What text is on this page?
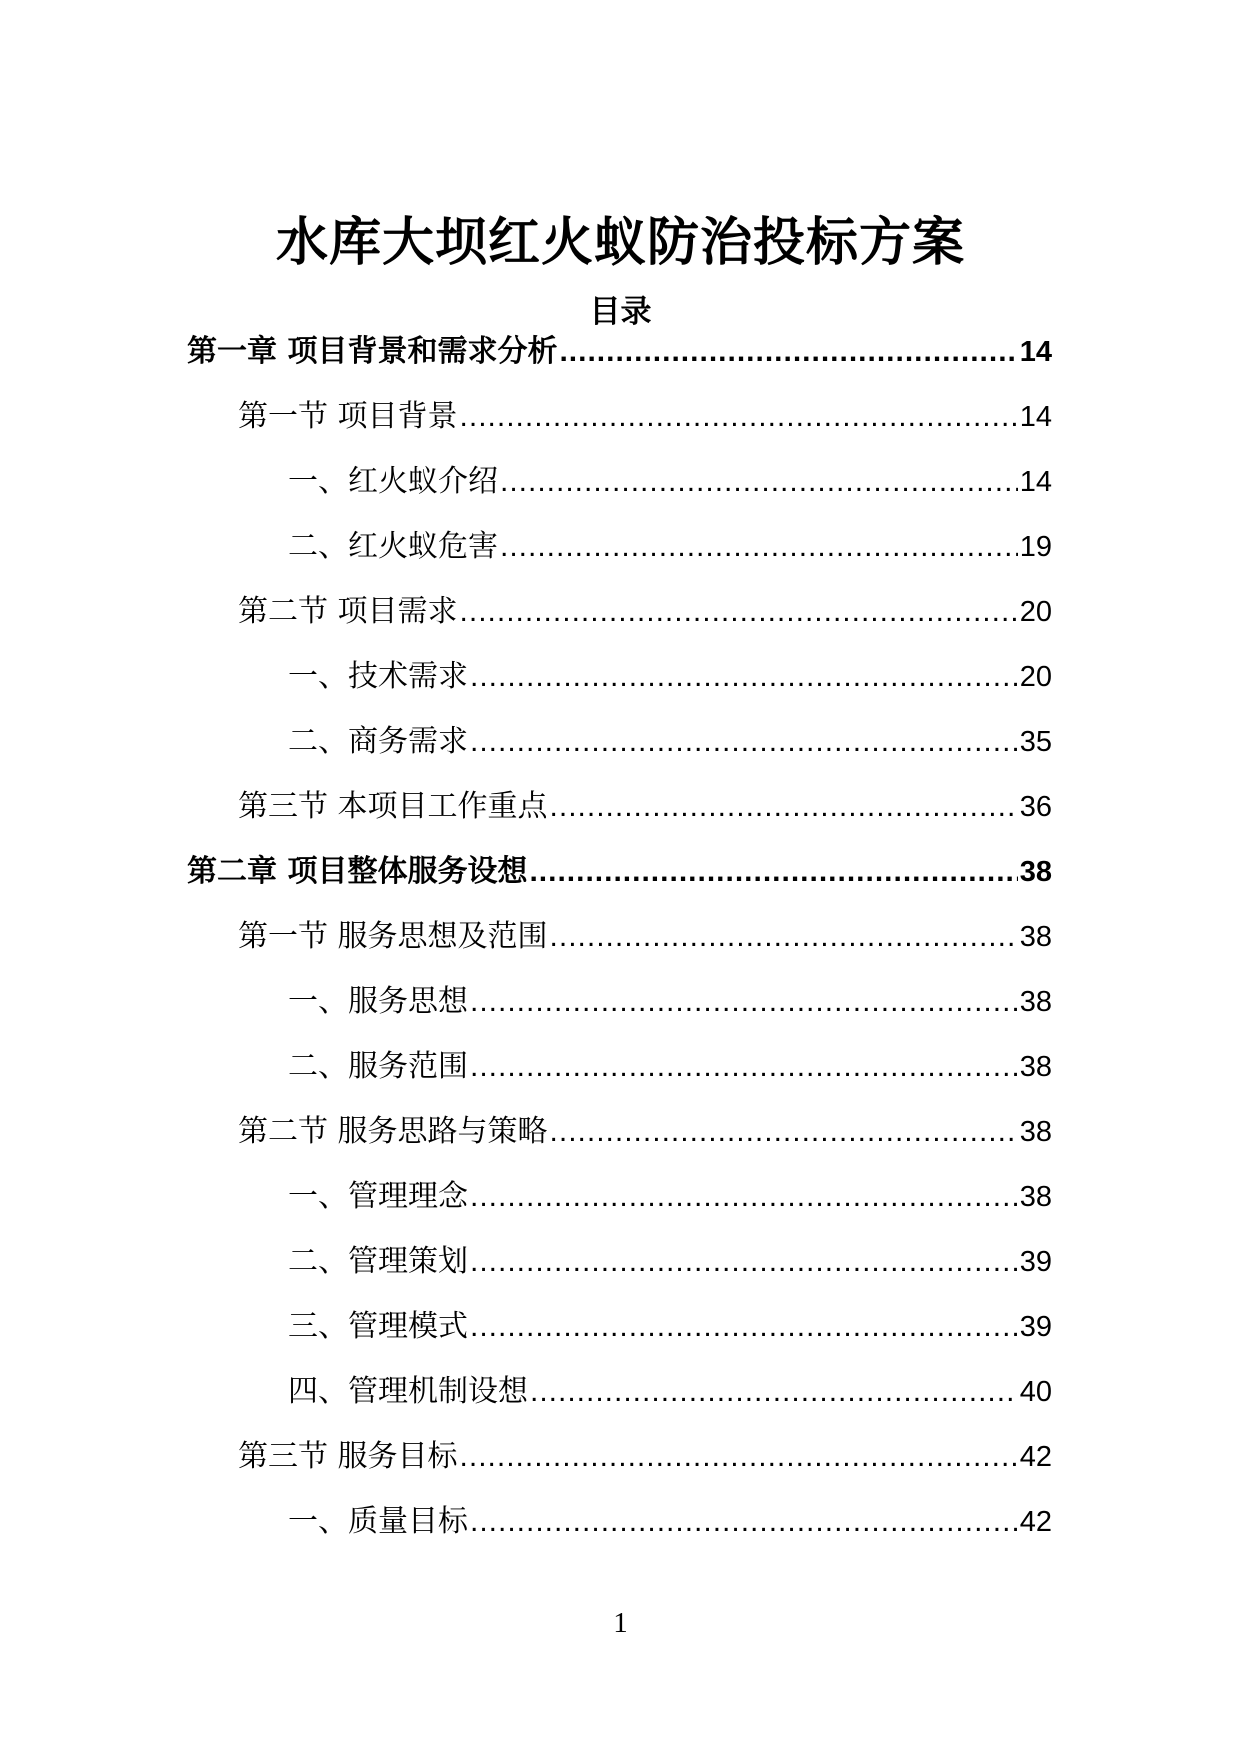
水库大坝红火蚁防治投标方案
目录
第一章 项目背景和需求分析 .....	14
第一节 项目背景 .....	14
一、红火蚁介绍 .....	14
二、红火蚁危害 .....	19
第二节 项目需求 .....	20
一、技术需求 .....	20
二、商务需求 .....	35
第三节 本项目工作重点 .....	36
第二章 项目整体服务设想 .....	38
第一节 服务思想及范围 .....	38
一、服务思想 .....	38
二、服务范围 .....	38
第二节 服务思路与策略 .....	38
一、管理理念 .....	38
二、管理策划 .....	39
三、管理模式 .....	39
四、管理机制设想 .....	40
第三节 服务目标 .....	42
一、质量目标 .....	42
1
